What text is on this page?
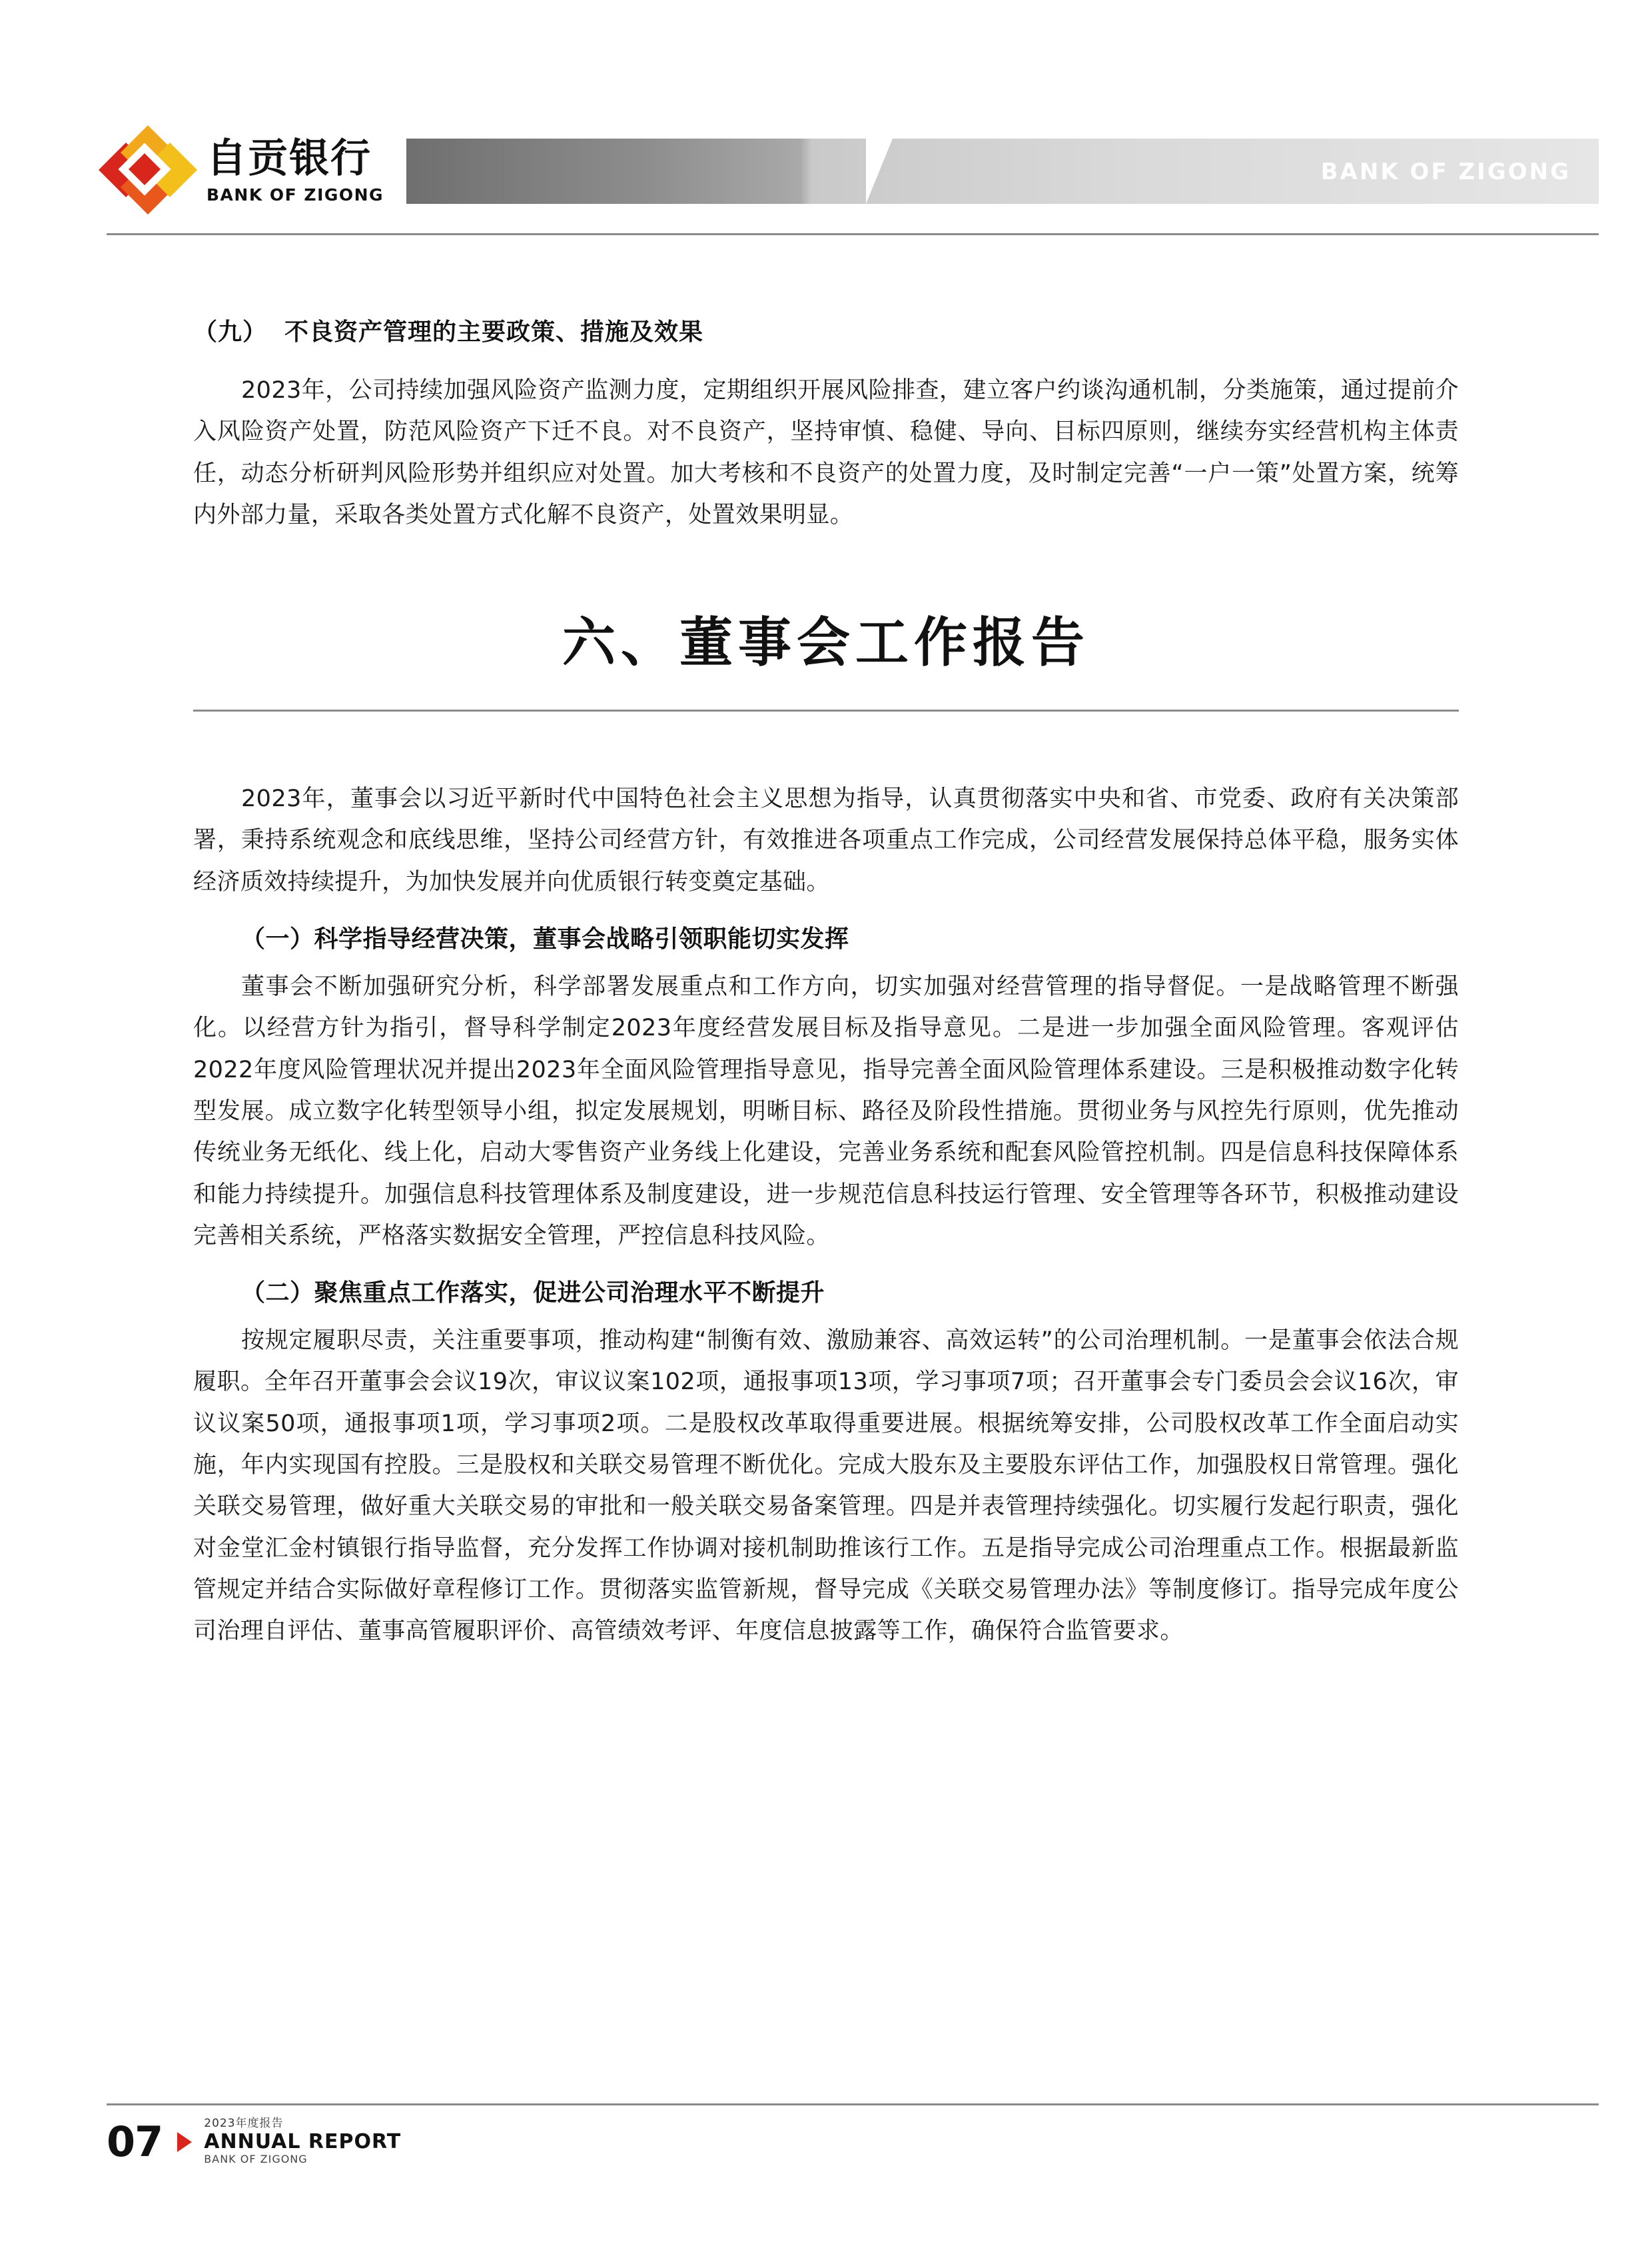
自贡银行
BANK OF ZIGONG
BANK OF ZIGONG
（九） 不良资产管理的主要政策、措施及效果

2023年，公司持续加强风险资产监测力度，定期组织开展风险排查，建立客户约谈沟通机制，分类施策，通过提前介入风险资产处置，防范风险资产下迁不良。对不良资产，坚持审慎、稳健、导向、目标四原则，继续夯实经营机构主体责任，动态分析研判风险形势并组织应对处置。加大考核和不良资产的处置力度，及时制定完善“一户一策”处置方案，统筹内外部力量，采取各类处置方式化解不良资产，处置效果明显。

六、董事会工作报告

2023年，董事会以习近平新时代中国特色社会主义思想为指导，认真贯彻落实中央和省、市党委、政府有关决策部署，秉持系统观念和底线思维，坚持公司经营方针，有效推进各项重点工作完成，公司经营发展保持总体平稳，服务实体经济质效持续提升，为加快发展并向优质银行转变奠定基础。

（一）科学指导经营决策，董事会战略引领职能切实发挥

董事会不断加强研究分析，科学部署发展重点和工作方向，切实加强对经营管理的指导督促。一是战略管理不断强化。以经营方针为指引，督导科学制定2023年度经营发展目标及指导意见。二是进一步加强全面风险管理。客观评估2022年度风险管理状况并提出2023年全面风险管理指导意见，指导完善全面风险管理体系建设。三是积极推动数字化转型发展。成立数字化转型领导小组，拟定发展规划，明晰目标、路径及阶段性措施。贯彻业务与风控先行原则，优先推动传统业务无纸化、线上化，启动大零售资产业务线上化建设，完善业务系统和配套风险管控机制。四是信息科技保障体系和能力持续提升。加强信息科技管理体系及制度建设，进一步规范信息科技运行管理、安全管理等各环节，积极推动建设完善相关系统，严格落实数据安全管理，严控信息科技风险。

（二）聚焦重点工作落实，促进公司治理水平不断提升

按规定履职尽责，关注重要事项，推动构建“制衡有效、激励兼容、高效运转”的公司治理机制。一是董事会依法合规履职。全年召开董事会会议19次，审议议案102项，通报事项13项，学习事项7项；召开董事会专门委员会会议16次，审议议案50项，通报事项1项，学习事项2项。二是股权改革取得重要进展。根据统筹安排，公司股权改革工作全面启动实施，年内实现国有控股。三是股权和关联交易管理不断优化。完成大股东及主要股东评估工作，加强股权日常管理。强化关联交易管理，做好重大关联交易的审批和一般关联交易备案管理。四是并表管理持续强化。切实履行发起行职责，强化对金堂汇金村镇银行指导监督，充分发挥工作协调对接机制助推该行工作。五是指导完成公司治理重点工作。根据最新监管规定并结合实际做好章程修订工作。贯彻落实监管新规，督导完成《关联交易管理办法》等制度修订。指导完成年度公司治理自评估、董事高管履职评价、高管绩效考评、年度信息披露等工作，确保符合监管要求。

07	2023年度报告
ANNUAL REPORT
BANK OF ZIGONG
